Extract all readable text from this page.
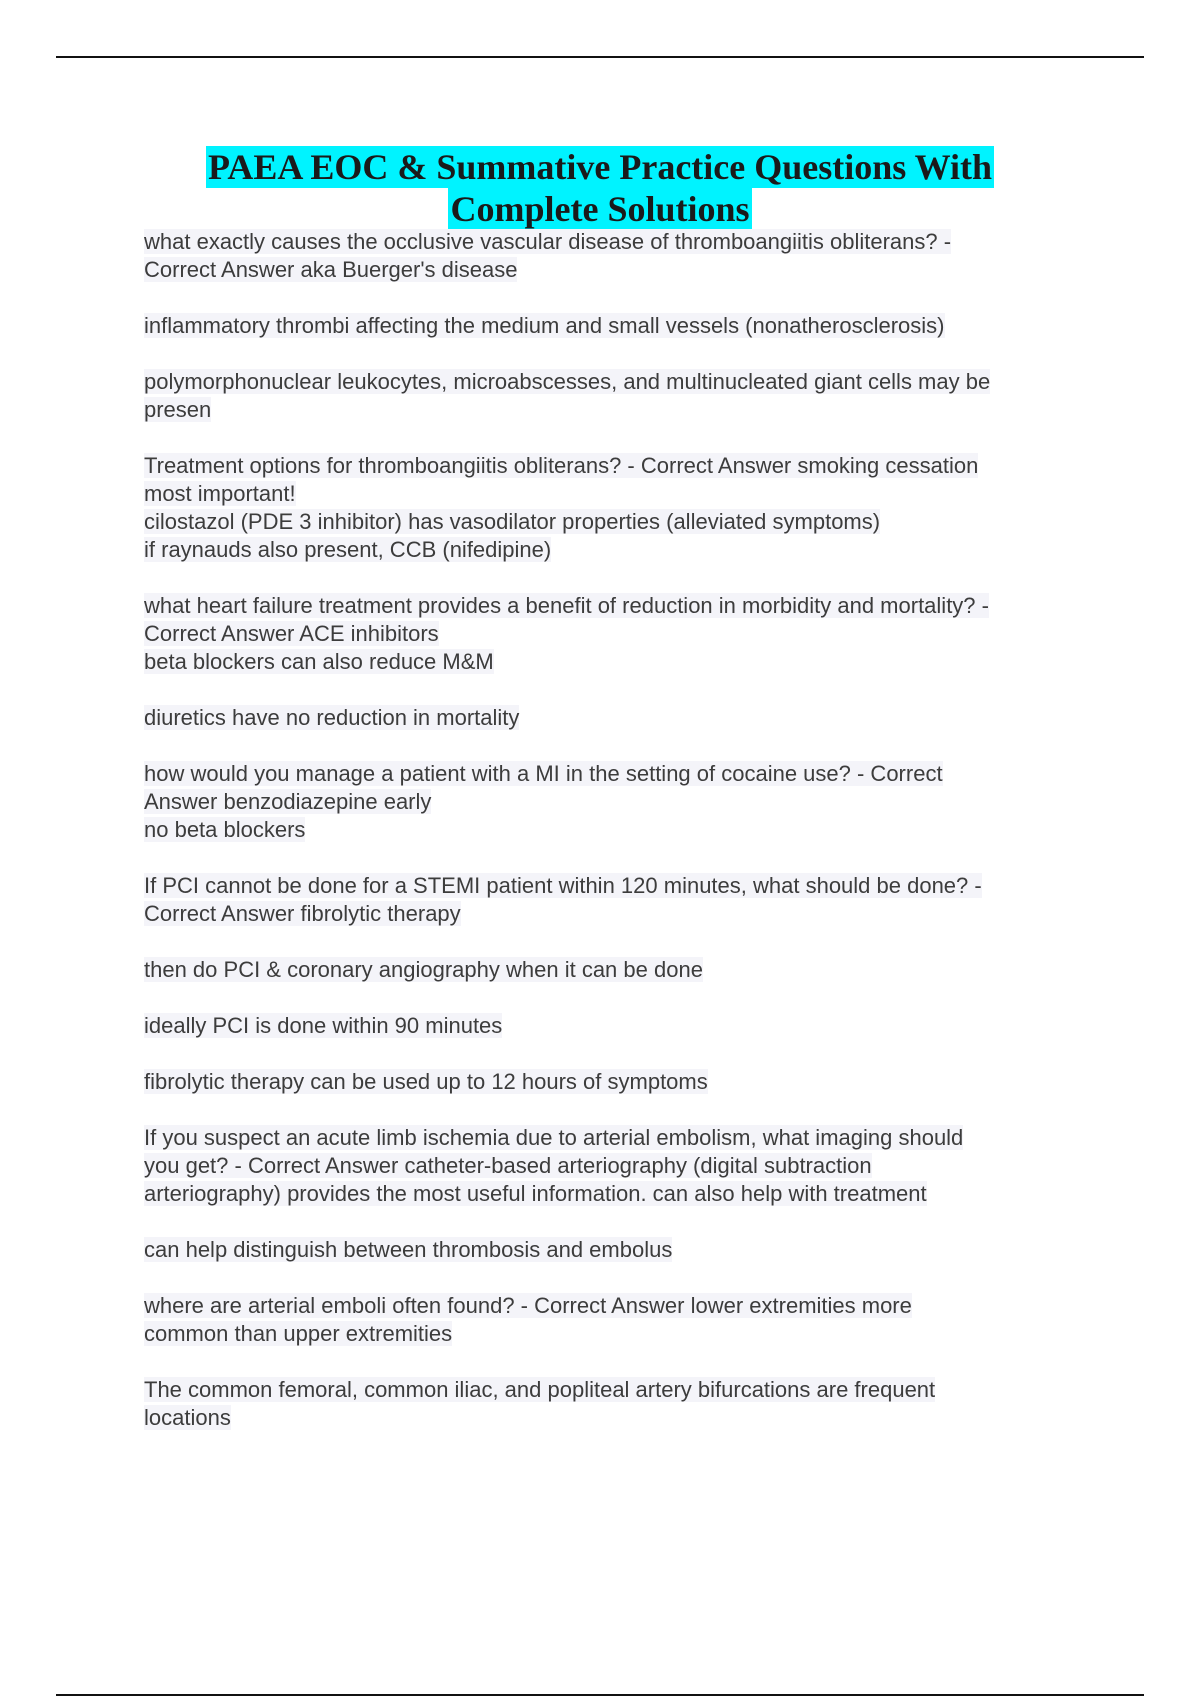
PAEA EOC & Summative Practice Questions With
Complete Solutions
what exactly causes the occlusive vascular disease of thromboangiitis obliterans? -
Correct Answer aka Buerger's disease
inflammatory thrombi affecting the medium and small vessels (nonatherosclerosis)
polymorphonuclear leukocytes, microabscesses, and multinucleated giant cells may be
presen
Treatment options for thromboangiitis obliterans? - Correct Answer smoking cessation
most important!
cilostazol (PDE 3 inhibitor) has vasodilator properties (alleviated symptoms)
if raynauds also present, CCB (nifedipine)
what heart failure treatment provides a benefit of reduction in morbidity and mortality? -
Correct Answer ACE inhibitors
beta blockers can also reduce M&M
diuretics have no reduction in mortality
how would you manage a patient with a MI in the setting of cocaine use? - Correct
Answer benzodiazepine early
no beta blockers
If PCI cannot be done for a STEMI patient within 120 minutes, what should be done? -
Correct Answer fibrolytic therapy
then do PCI & coronary angiography when it can be done
ideally PCI is done within 90 minutes
fibrolytic therapy can be used up to 12 hours of symptoms
If you suspect an acute limb ischemia due to arterial embolism, what imaging should
you get? - Correct Answer catheter-based arteriography (digital subtraction
arteriography) provides the most useful information. can also help with treatment
can help distinguish between thrombosis and embolus
where are arterial emboli often found? - Correct Answer lower extremities more
common than upper extremities
The common femoral, common iliac, and popliteal artery bifurcations are frequent
locations
